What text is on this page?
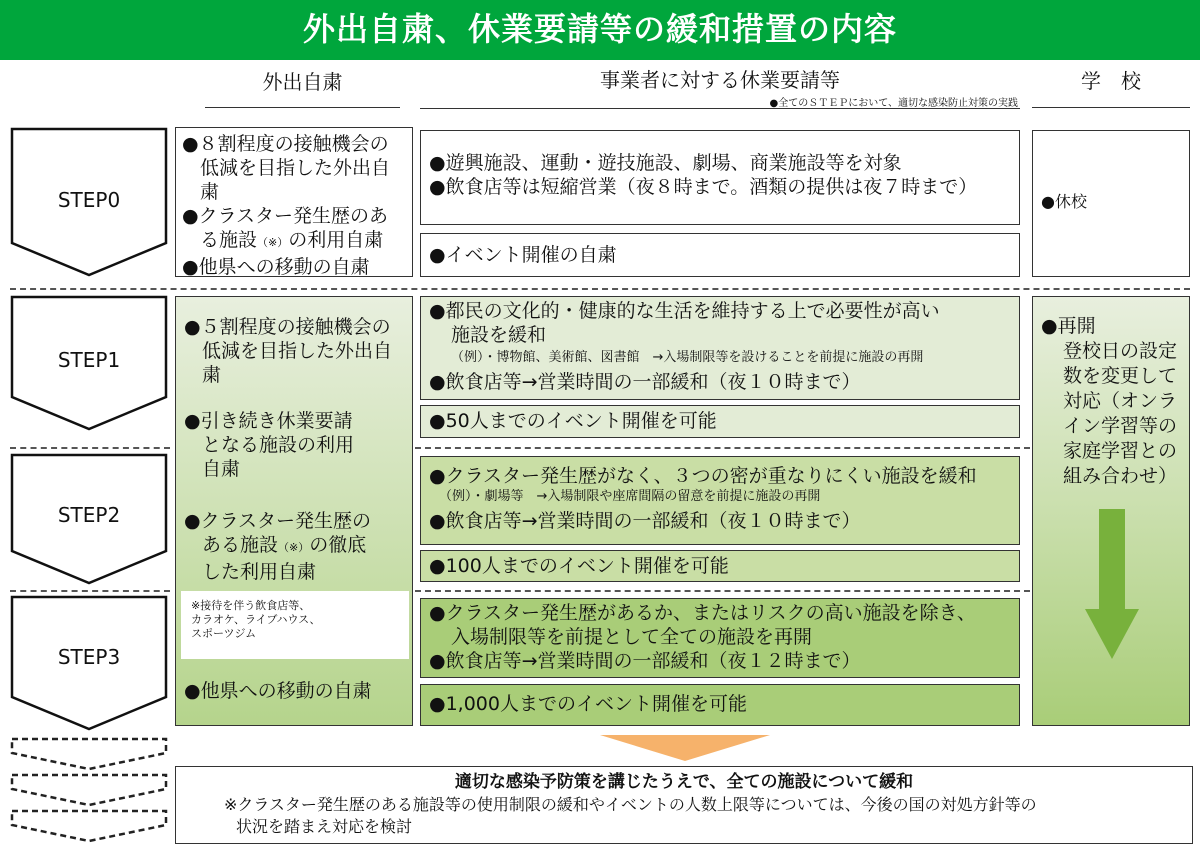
外出自粛、休業要請等の緩和措置の内容
外出自粛	事業者に対する休業要請等
●全てのＳＴＥＰにおいて、適切な感染防止対策の実践
学　校
STEP0
STEP1
STEP2
STEP3
●８割程度の接触機会の
低減を目指した外出自
粛
●クラスター発生歴のあ
る施設（※）の利用自粛
●他県への移動の自粛
●遊興施設、運動・遊技施設、劇場、商業施設等を対象
●飲食店等は短縮営業（夜８時まで。酒類の提供は夜７時まで）
●イベント開催の自粛
●休校
●５割程度の接触機会の
低減を目指した外出自
粛
●引き続き休業要請
となる施設の利用
自粛
●クラスター発生歴の
ある施設（※）の徹底
した利用自粛
※接待を伴う飲食店等、
カラオケ、ライブハウス、
スポーツジム
●他県への移動の自粛
●都民の文化的・健康的な生活を維持する上で必要性が高い
施設を緩和
（例）・博物館、美術館、図書館　→入場制限等を設けることを前提に施設の再開
●飲食店等→営業時間の一部緩和（夜１０時まで）
●50人までのイベント開催を可能
●クラスター発生歴がなく、３つの密が重なりにくい施設を緩和
（例）・劇場等　→入場制限や座席間隔の留意を前提に施設の再開
●飲食店等→営業時間の一部緩和（夜１０時まで）
●100人までのイベント開催を可能
●クラスター発生歴があるか、またはリスクの高い施設を除き、
入場制限等を前提として全ての施設を再開
●飲食店等→営業時間の一部緩和（夜１２時まで）
●1,000人までのイベント開催を可能
●再開
登校日の設定
数を変更して
対応（オンラ
イン学習等の
家庭学習との
組み合わせ）
適切な感染予防策を講じたうえで、全ての施設について緩和
※クラスター発生歴のある施設等の使用制限の緩和やイベントの人数上限等については、今後の国の対処方針等の
状況を踏まえ対応を検討
